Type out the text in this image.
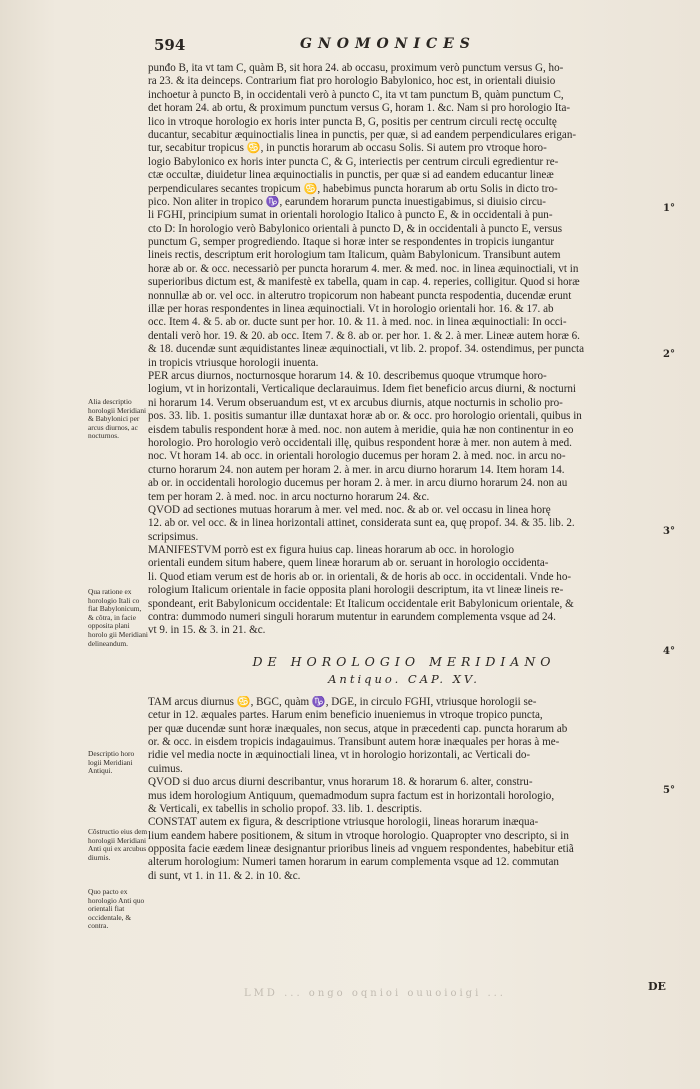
594	GNOMONICES
punđo B, ita vt tam C, quàm B, sit hora 24. ab occasu, proximum verò punctum versus G, ho-
ra 23. & ita deinceps. Contrarium fiat pro horologio Babylonico, hoc est, in orientali diuisio
inchoetur à puncto B, in occidentali verò à puncto C, ita vt tam punctum B, quàm punctum C,
det horam 24. ab ortu, & proximum punctum versus G, horam 1. &c. Nam si pro horologio Ita-
lico in vtroque horologio ex horis inter puncta B, G, positis per centrum circuli rectę occultę
ducantur, secabitur æquinoctialis linea in punctis, per quæ, si ad eandem perpendiculares erigan-
tur, secabitur tropicus ♋, in punctis horarum ab occasu Solis. Si autem pro vtroque horo-
logio Babylonico ex horis inter puncta C, & G, interiectis per centrum circuli egredientur re-
ctæ occultæ, diuidetur linea æquinoctialis in punctis, per quæ si ad eandem educantur lineæ
perpendiculares secantes tropicum ♋, habebimus puncta horarum ab ortu Solis in dicto tro-
pico. Non aliter in tropico ♑, earundem horarum puncta inuestigabimus, si diuisio circu-
li FGHI, principium sumat in orientali horologio Italico à puncto E, & in occidentali à pun-
cto D: In horologio verò Babylonico orientali à puncto D, & in occidentali à puncto E, versus
punctum G, semper progrediendo. Itaque si horæ inter se respondentes in tropicis iungantur
lineis rectis, descriptum erit horologium tam Italicum, quàm Babylonicum. Transibunt autem
horæ ab or. & occ. necessariò per puncta horarum 4. mer. & med. noc. in linea æquinoctiali, vt in
superioribus dictum est, & manifestè ex tabella, quam in cap. 4. reperies, colligitur. Quod si horæ
nonnullæ ab or. vel occ. in alterutro tropicorum non habeant puncta respodentia, ducendæ erunt
illæ per horas respondentes in linea æquinoctiali. Vt in horologio orientali hor. 16. & 17. ab
occ. Item 4. & 5. ab or. ducte sunt per hor. 10. & 11. à med. noc. in linea æquinoctiali: In occi-
dentali verò hor. 19. & 20. ab occ. Item 7. & 8. ab or. per hor. 1. & 2. à mer. Lineæ autem horæ 6.
& 18. ducendæ sunt æquidistantes lineæ æquinoctiali, vt lib. 2. propof. 34. ostendimus, per puncta
in tropicis vtriusque horologii inuenta.
PER arcus diurnos, nocturnosque horarum 14. & 10. describemus quoque vtrumque horo-
logium, vt in horizontali, Verticalique declarauimus. Idem fiet beneficio arcus diurni, & nocturni
ni horarum 14. Verum obseruandum est, vt ex arcubus diurnis, atque nocturnis in scholio pro-
pos. 33. lib. 1. positis sumantur illæ duntaxat horæ ab or. & occ. pro horologio orientali, quibus in
eisdem tabulis respondent horæ à med. noc. non autem à meridie, quia hæ non continentur in eo
horologio. Pro horologio verò occidentali illę, quibus respondent horæ à mer. non autem à med.
noc. Vt horam 14. ab occ. in orientali horologio ducemus per horam 2. à med. noc. in arcu no-
cturno horarum 24. non autem per horam 2. à mer. in arcu diurno horarum 14. Item horam 14.
ab or. in occidentali horologio ducemus per horam 2. à mer. in arcu diurno horarum 24. non au
tem per horam 2. à med. noc. in arcu nocturno horarum 24. &c.
QVOD ad sectiones mutuas horarum à mer. vel med. noc. & ab or. vel occasu in linea horę
12. ab or. vel occ. & in linea horizontali attinet, considerata sunt ea, quę propof. 34. & 35. lib. 2.
scripsimus.
MANIFESTVM porrò est ex figura huius cap. lineas horarum ab occ. in horologio
orientali eundem situm habere, quem lineæ horarum ab or. seruant in horologio occidenta-
li. Quod etiam verum est de horis ab or. in orientali, & de horis ab occ. in occidentali. Vnde ho-
rologium Italicum orientale in facie opposita plani horologii descriptum, ita vt lineæ lineis re-
spondeant, erit Babylonicum occidentale: Et Italicum occidentale erit Babylonicum orientale, &
contra: dummodo numeri singuli horarum mutentur in earundem complementa vsque ad 24.
vt 9. in 15. & 3. in 21. &c.
DE HOROLOGIO MERIDIANO
Antiquo. CAP. XV.
TAM arcus diurnus ♋, BGC, quàm ♑, DGE, in circulo FGHI, vtriusque horologii se-
cetur in 12. æquales partes. Harum enim beneficio inueniemus in vtroque tropico puncta,
per quæ ducendæ sunt horæ inæquales, non secus, atque in præcedenti cap. puncta horarum ab
or. & occ. in eisdem tropicis indagauimus. Transibunt autem horæ inæquales per horas à me-
ridie vel media nocte in æquinoctiali linea, vt in horologio horizontali, ac Verticali do-
cuimus.
QVOD si duo arcus diurni describantur, vnus horarum 18. & horarum 6. alter, constru-
mus idem horologium Antiquum, quemadmodum supra factum est in horizontali horologio,
& Verticali, ex tabellis in scholio propof. 33. lib. 1. descriptis.
CONSTAT autem ex figura, & descriptione vtriusque horologii, lineas horarum inæqua-
lium eandem habere positionem, & situm in vtroque horologio. Quapropter vno descripto, si in
opposita facie eædem lineæ designantur prioribus lineis ad vnguem respondentes, habebitur etiã
alterum horologium: Numeri tamen horarum in earum complementa vsque ad 12. commutan
di sunt, vt 1. in 11. & 2. in 10. &c.
Alia descriptio horologii Meridiani & Babylonici per arcus diurnos, ac nocturnos.
Qua ratione ex horologio Itali co fiat Babylonicum, & cõtra, in facie opposita plani horolo gii Meridiani delineandum.
Descriptio horo logii Meridiani Antiqui.
Cõstructio eius dem horologii Meridiani Anti qui ex arcubus diurnis.
Quo pacto ex horologio Anti quo orientali fiat occidentale, & contra.
1°
2°
3°
4°
5°
LMD ... ongo oqnioi ouuoioigi ...
DE
